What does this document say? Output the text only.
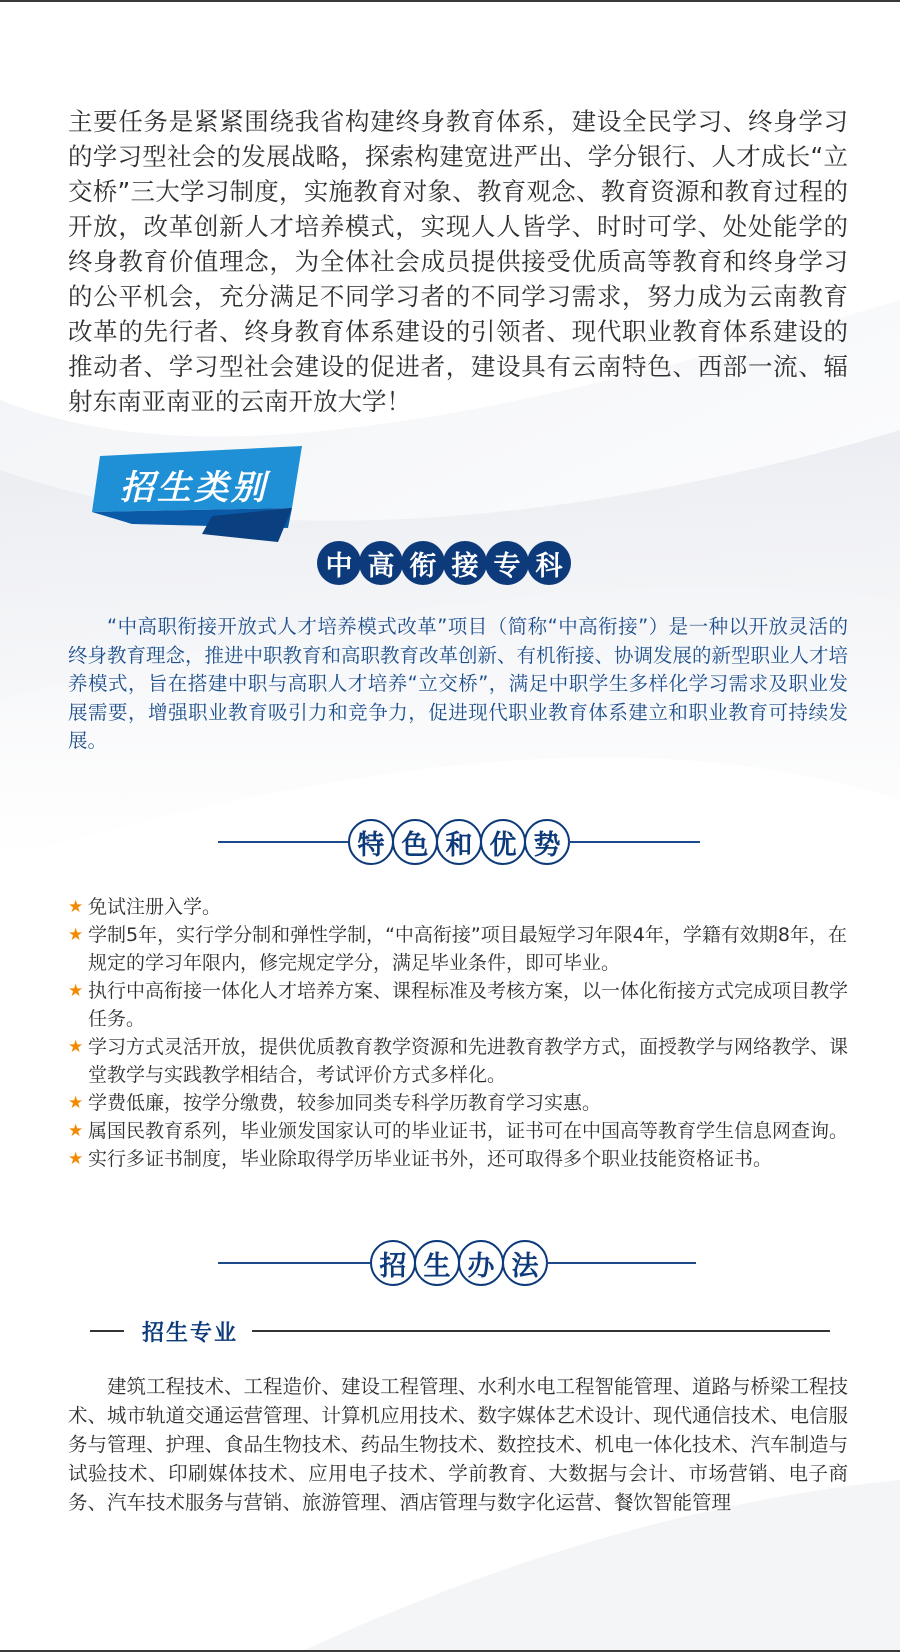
主要任务是紧紧围绕我省构建终身教育体系，建设全民学习、终身学习的学习型社会的发展战略，探索构建宽进严出、学分银行、人才成长“立交桥”三大学习制度，实施教育对象、教育观念、教育资源和教育过程的开放，改革创新人才培养模式，实现人人皆学、时时可学、处处能学的终身教育价值理念，为全体社会成员提供接受优质高等教育和终身学习的公平机会，充分满足不同学习者的不同学习需求，努力成为云南教育改革的先行者、终身教育体系建设的引领者、现代职业教育体系建设的推动者、学习型社会建设的促进者，建设具有云南特色、西部一流、辐射东南亚南亚的云南开放大学！

招生类别
中 高 衔 接 专 科

“中高职衔接开放式人才培养模式改革”项目（简称“中高衔接”）是一种以开放灵活的终身教育理念，推进中职教育和高职教育改革创新、有机衔接、协调发展的新型职业人才培养模式，旨在搭建中职与高职人才培养“立交桥”，满足中职学生多样化学习需求及职业发展需要，增强职业教育吸引力和竞争力，促进现代职业教育体系建立和职业教育可持续发展。

特 色 和 优 势
★ 免试注册入学。
★ 学制5年，实行学分制和弹性学制，“中高衔接”项目最短学习年限4年，学籍有效期8年，在规定的学习年限内，修完规定学分，满足毕业条件，即可毕业。
★ 执行中高衔接一体化人才培养方案、课程标准及考核方案，以一体化衔接方式完成项目教学任务。
★ 学习方式灵活开放，提供优质教育教学资源和先进教育教学方式，面授教学与网络教学、课堂教学与实践教学相结合，考试评价方式多样化。
★ 学费低廉，按学分缴费，较参加同类专科学历教育学习实惠。
★ 属国民教育系列，毕业颁发国家认可的毕业证书，证书可在中国高等教育学生信息网查询。
★ 实行多证书制度，毕业除取得学历毕业证书外，还可取得多个职业技能资格证书。
招 生 办 法
招生专业

建筑工程技术、工程造价、建设工程管理、水利水电工程智能管理、道路与桥梁工程技术、城市轨道交通运营管理、计算机应用技术、数字媒体艺术设计、现代通信技术、电信服务与管理、护理、食品生物技术、药品生物技术、数控技术、机电一体化技术、汽车制造与试验技术、印刷媒体技术、应用电子技术、学前教育、大数据与会计、市场营销、电子商务、汽车技术服务与营销、旅游管理、酒店管理与数字化运营、餐饮智能管理
